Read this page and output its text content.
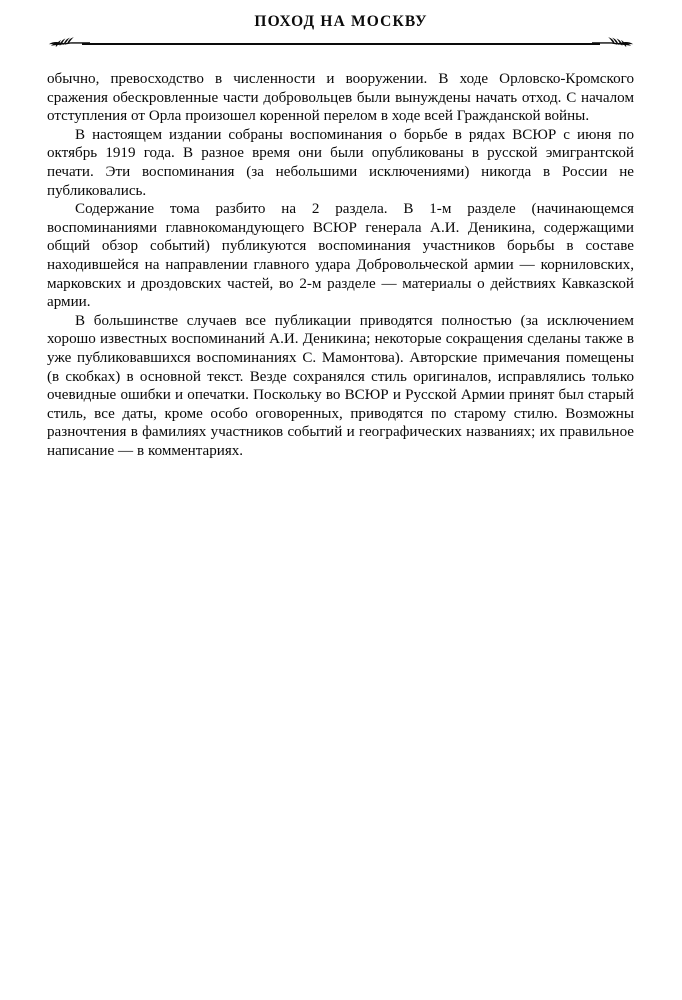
ПОХОД НА МОСКВУ

обычно, превосходство в численности и вооружении. В ходе Орловско-Кромского сражения обескровленные части добровольцев были вынуждены начать отход. С началом отступления от Орла произошел коренной перелом в ходе всей Гражданской войны.

В настоящем издании собраны воспоминания о борьбе в рядах ВСЮР с июня по октябрь 1919 года. В разное время они были опубликованы в русской эмигрантской печати. Эти воспоминания (за небольшими исключениями) никогда в России не публиковались.

Содержание тома разбито на 2 раздела. В 1-м разделе (начинающемся воспоминаниями главнокомандующего ВСЮР генерала А.И. Деникина, содержащими общий обзор событий) публикуются воспоминания участников борьбы в составе находившейся на направлении главного удара Добровольческой армии — корниловских, марковских и дроздовских частей, во 2-м разделе — материалы о действиях Кавказской армии.

В большинстве случаев все публикации приводятся полностью (за исключением хорошо известных воспоминаний А.И. Деникина; некоторые сокращения сделаны также в уже публиковавшихся воспоминаниях С. Мамонтова). Авторские примечания помещены (в скобках) в основной текст. Везде сохранялся стиль оригиналов, исправлялись только очевидные ошибки и опечатки. Поскольку во ВСЮР и Русской Армии принят был старый стиль, все даты, кроме особо оговоренных, приводятся по старому стилю. Возможны разночтения в фамилиях участников событий и географических названиях; их правильное написание — в комментариях.
